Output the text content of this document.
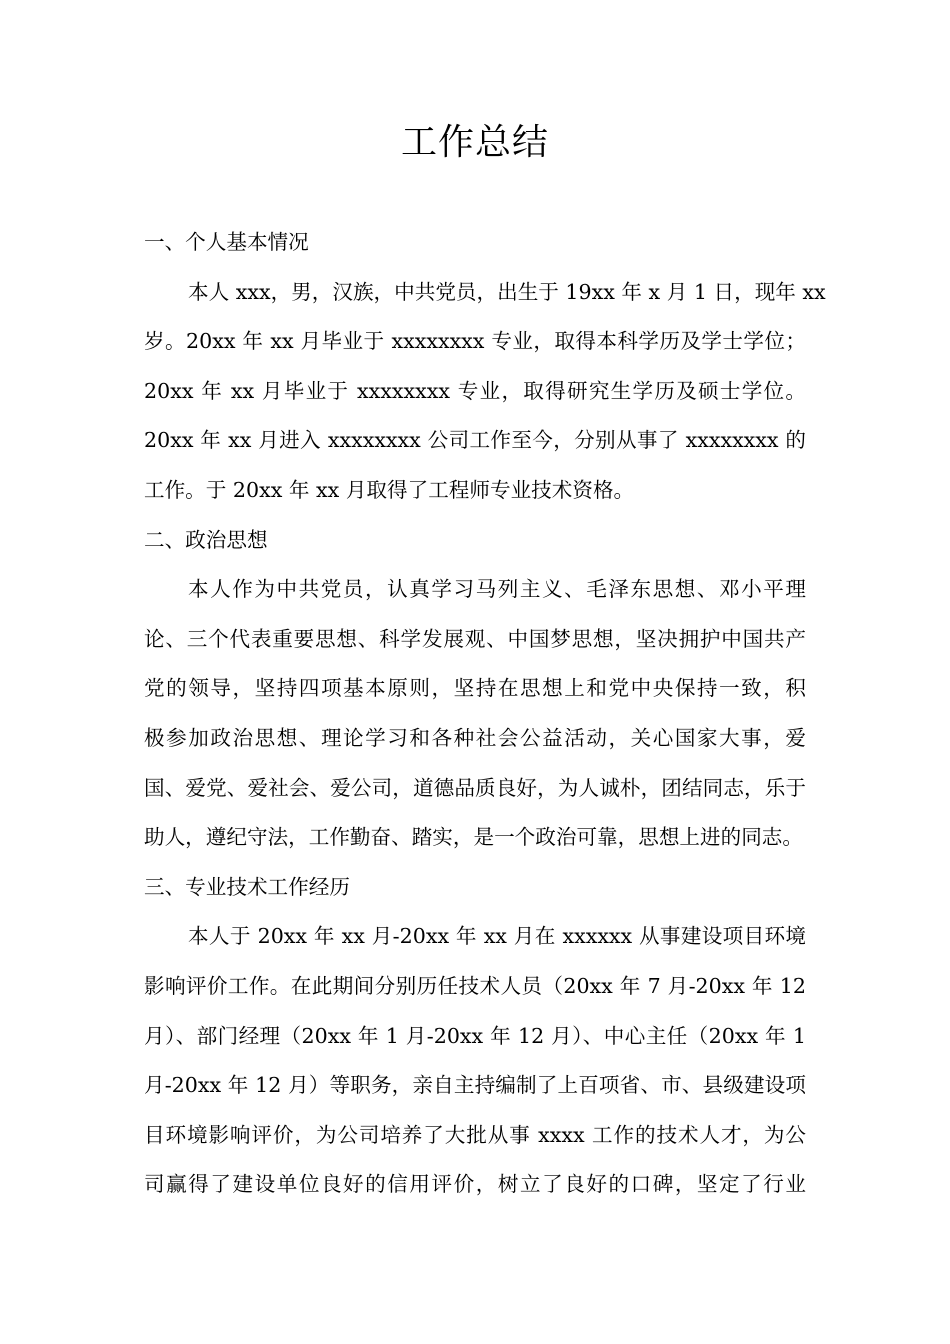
工作总结
一、个人基本情况
本人 xxx，男，汉族，中共党员，出生于 19xx 年 x 月 1 日，现年 xx
岁。20xx 年 xx 月毕业于 xxxxxxxx 专业，取得本科学历及学士学位；
20xx 年 xx 月毕业于 xxxxxxxx 专业，取得研究生学历及硕士学位。
20xx 年 xx 月进入 xxxxxxxx 公司工作至今，分别从事了 xxxxxxxx 的
工作。于 20xx 年 xx 月取得了工程师专业技术资格。
二、政治思想
本人作为中共党员，认真学习马列主义、毛泽东思想、邓小平理
论、三个代表重要思想、科学发展观、中国梦思想，坚决拥护中国共产
党的领导，坚持四项基本原则，坚持在思想上和党中央保持一致，积
极参加政治思想、理论学习和各种社会公益活动，关心国家大事，爱
国、爱党、爱社会、爱公司，道德品质良好，为人诚朴，团结同志，乐于
助人，遵纪守法，工作勤奋、踏实，是一个政治可靠，思想上进的同志。
三、专业技术工作经历
本人于 20xx 年 xx 月-20xx 年 xx 月在 xxxxxx 从事建设项目环境
影响评价工作。在此期间分别历任技术人员（20xx 年 7 月-20xx 年 12
月）、部门经理（20xx 年 1 月-20xx 年 12 月）、中心主任（20xx 年 1
月-20xx 年 12 月）等职务，亲自主持编制了上百项省、市、县级建设项
目环境影响评价，为公司培养了大批从事 xxxx 工作的技术人才，为公
司赢得了建设单位良好的信用评价，树立了良好的口碑，坚定了行业
